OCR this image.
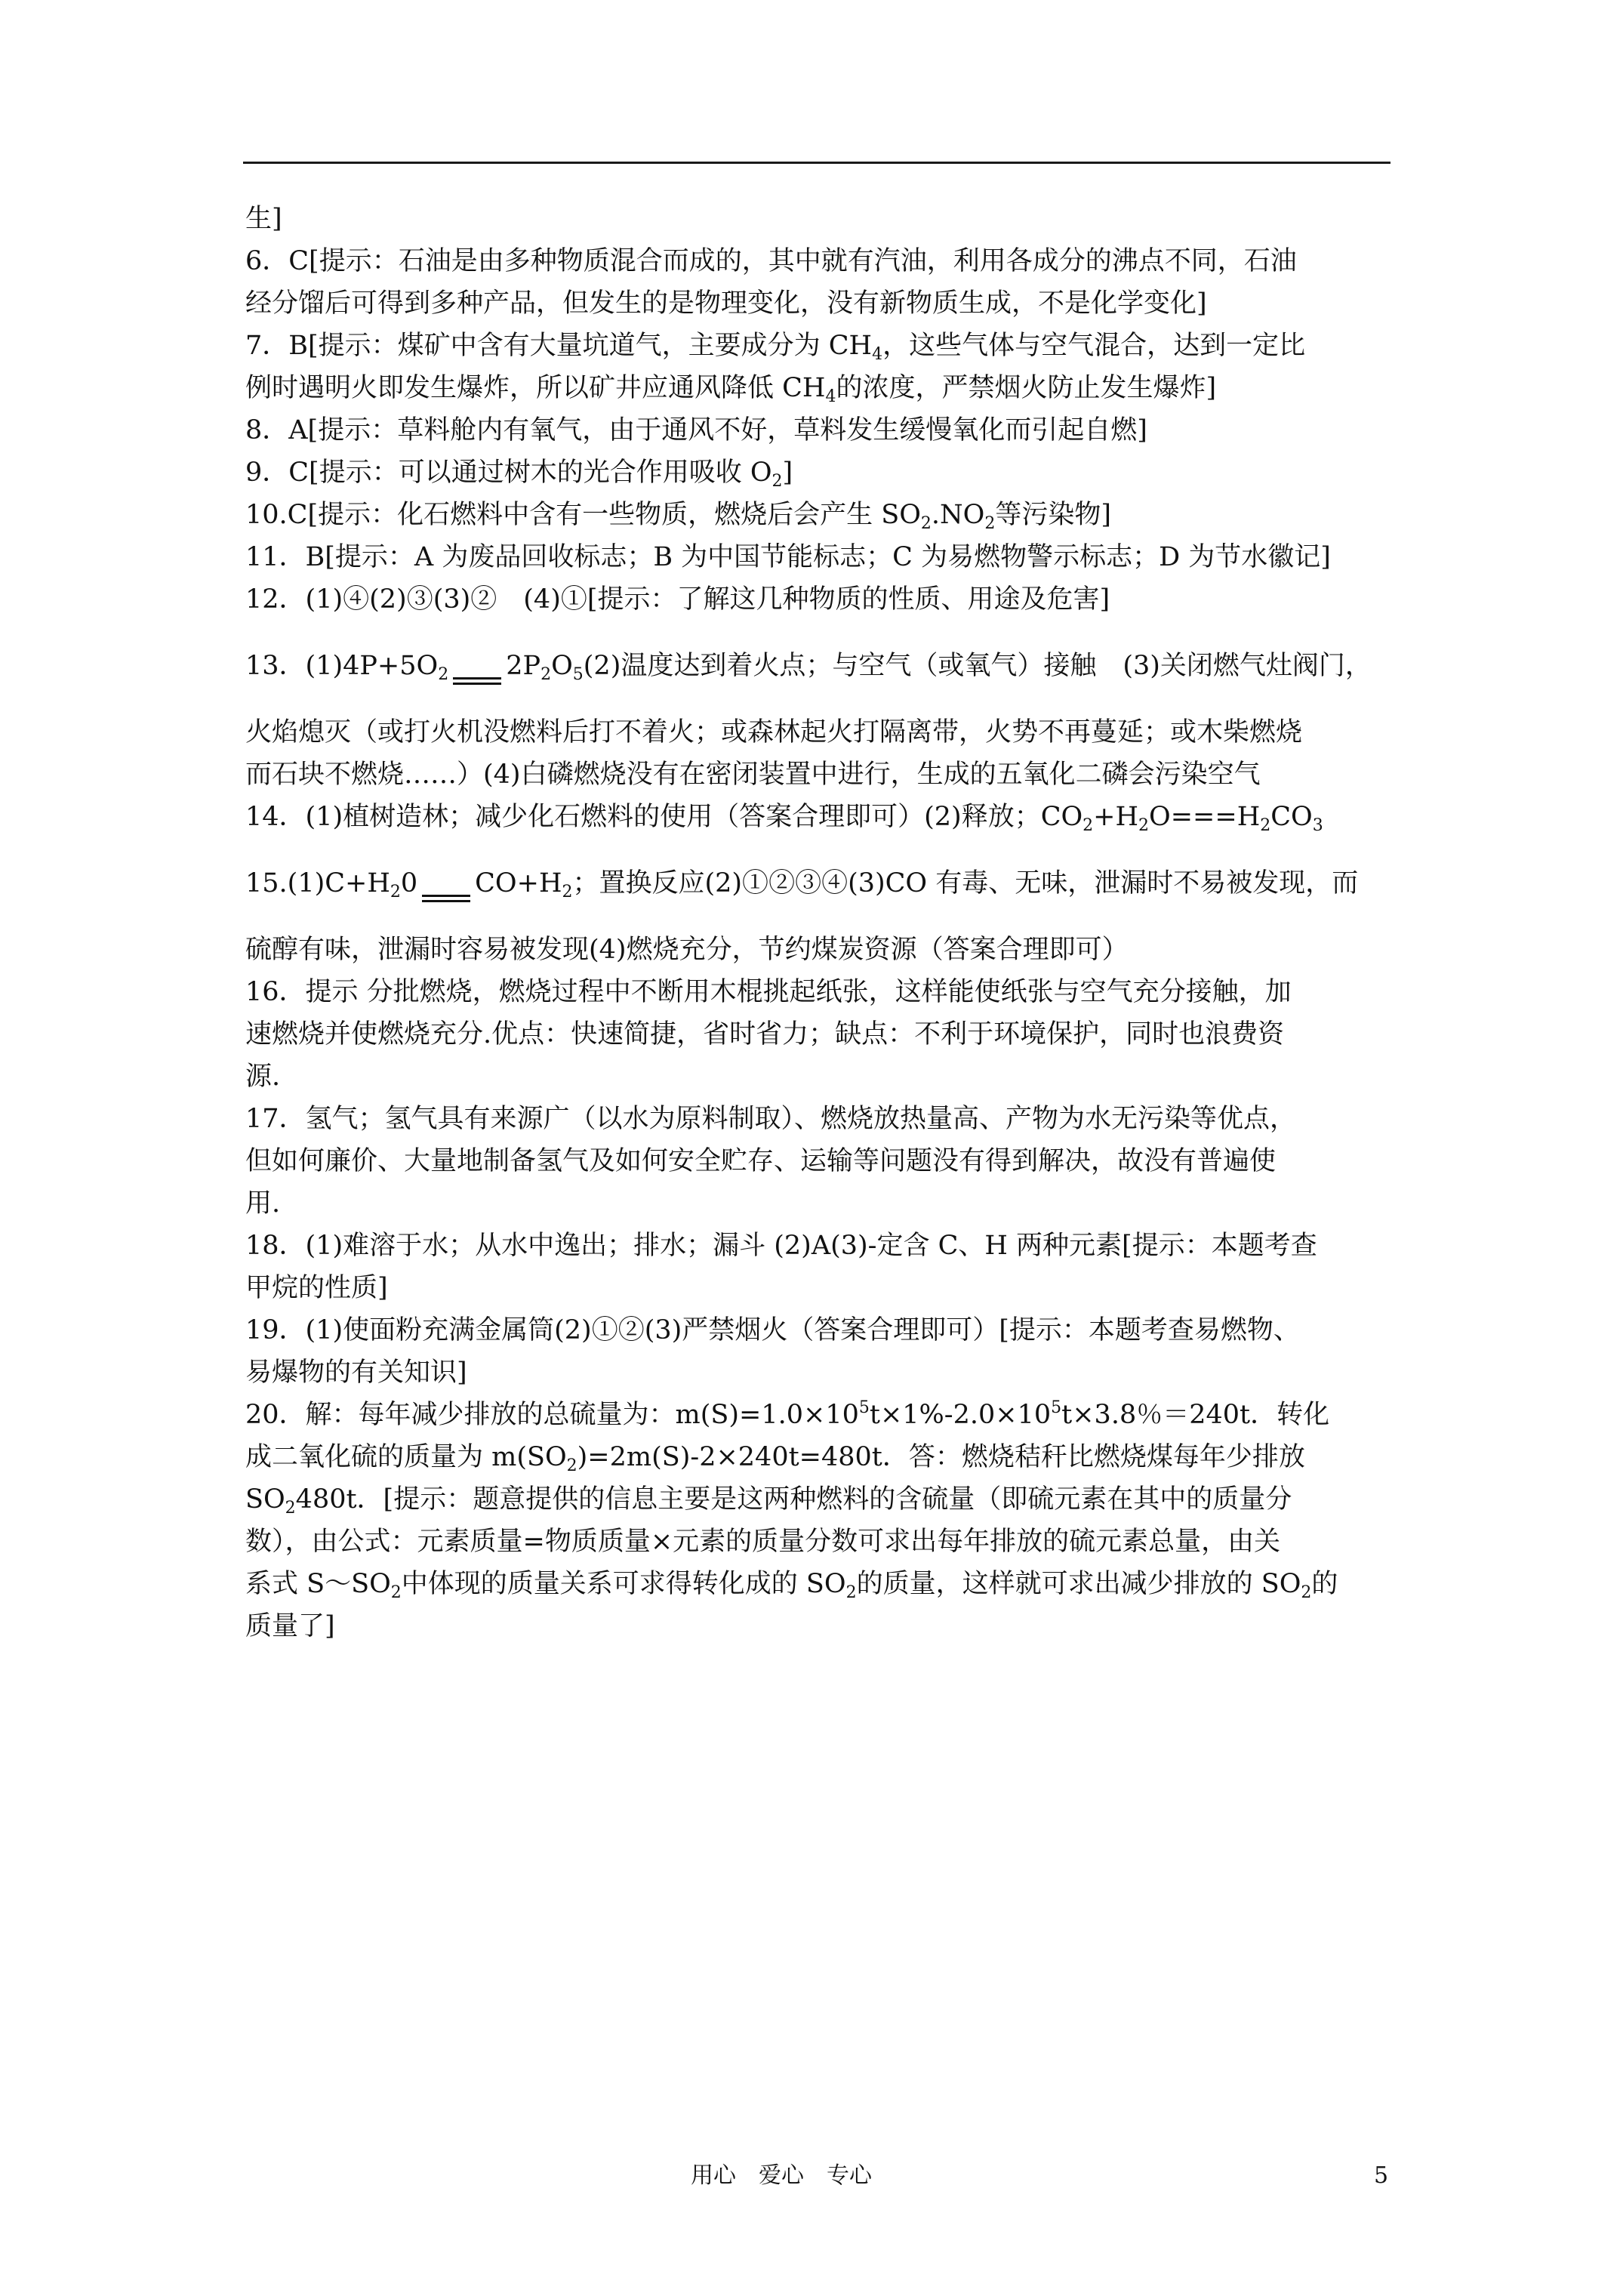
生]
6．C[提示：石油是由多种物质混合而成的，其中就有汽油，利用各成分的沸点不同，石油
经分馏后可得到多种产品，但发生的是物理变化，没有新物质生成，不是化学变化]
7．B[提示：煤矿中含有大量坑道气，主要成分为 $CH_4$，这些气体与空气混合，达到一定比
例时遇明火即发生爆炸，所以矿井应通风降低 $CH_4$的浓度，严禁烟火防止发生爆炸]
8．A[提示：草料舱内有氧气，由于通风不好，草料发生缓慢氧化而引起自燃]
9．C[提示：可以通过树木的光合作用吸收 $O_2$]
10.C[提示：化石燃料中含有一些物质，燃烧后会产生 $SO_2.NO_2$等污染物]
11．B[提示：A 为废品回收标志；B 为中国节能标志；C 为易燃物警示标志；D 为节水徽记]
12．(1)④(2)③(3)②　(4)①[提示：了解这几种物质的性质、用途及危害]
13．$(1)4P+5O_2$ $2P_2O_5(2)$温度达到着火点；与空气（或氧气）接触　(3)关闭燃气灶阀门，
火焰熄灭（或打火机没燃料后打不着火；或森林起火打隔离带，火势不再蔓延；或木柴燃烧
而石块不燃烧……）(4)白磷燃烧没有在密闭装置中进行，生成的五氧化二磷会污染空气
14．(1)植树造林；减少化石燃料的使用（答案合理即可）(2)释放；$CO_2+H_2O===H_2CO_3$
$15.(1)C+H_20$ $CO+H_2$；置换反应(2)①②③④(3)CO 有毒、无味，泄漏时不易被发现，而
硫醇有味，泄漏时容易被发现(4)燃烧充分，节约煤炭资源（答案合理即可）
16．提示 分批燃烧，燃烧过程中不断用木棍挑起纸张，这样能使纸张与空气充分接触，加
速燃烧并使燃烧充分.优点：快速简捷，省时省力；缺点：不利于环境保护，同时也浪费资
源.
17．氢气；氢气具有来源广（以水为原料制取）、燃烧放热量高、产物为水无污染等优点，
但如何廉价、大量地制备氢气及如何安全贮存、运输等问题没有得到解决，故没有普遍使
用.
18．(1)难溶于水；从水中逸出；排水；漏斗 (2)A(3)-定含 C、H 两种元素[提示：本题考查
甲烷的性质]
19．(1)使面粉充满金属筒(2)①②(3)严禁烟火（答案合理即可）[提示：本题考查易燃物、
易爆物的有关知识]
20．解：每年减少排放的总硫量为：$m(S)=1.0\times 10^5t\times 1\%-2.0\times 10^5t\times 3.8$％＝240t．转化
成二氧化硫的质量为 $m(SO_2)=2m(S)-2\times 240t=480t$．答：燃烧秸秆比燃烧煤每年少排放
$SO_2480t$．[提示：题意提供的信息主要是这两种燃料的含硫量（即硫元素在其中的质量分
数），由公式：元素质量=物质质量×元素的质量分数可求出每年排放的硫元素总量，由关
系式 $S\sim SO_2$中体现的质量关系可求得转化成的 $SO_2$的质量，这样就可求出减少排放的 $SO_2$的
质量了]
用心　爱心　专心	5
